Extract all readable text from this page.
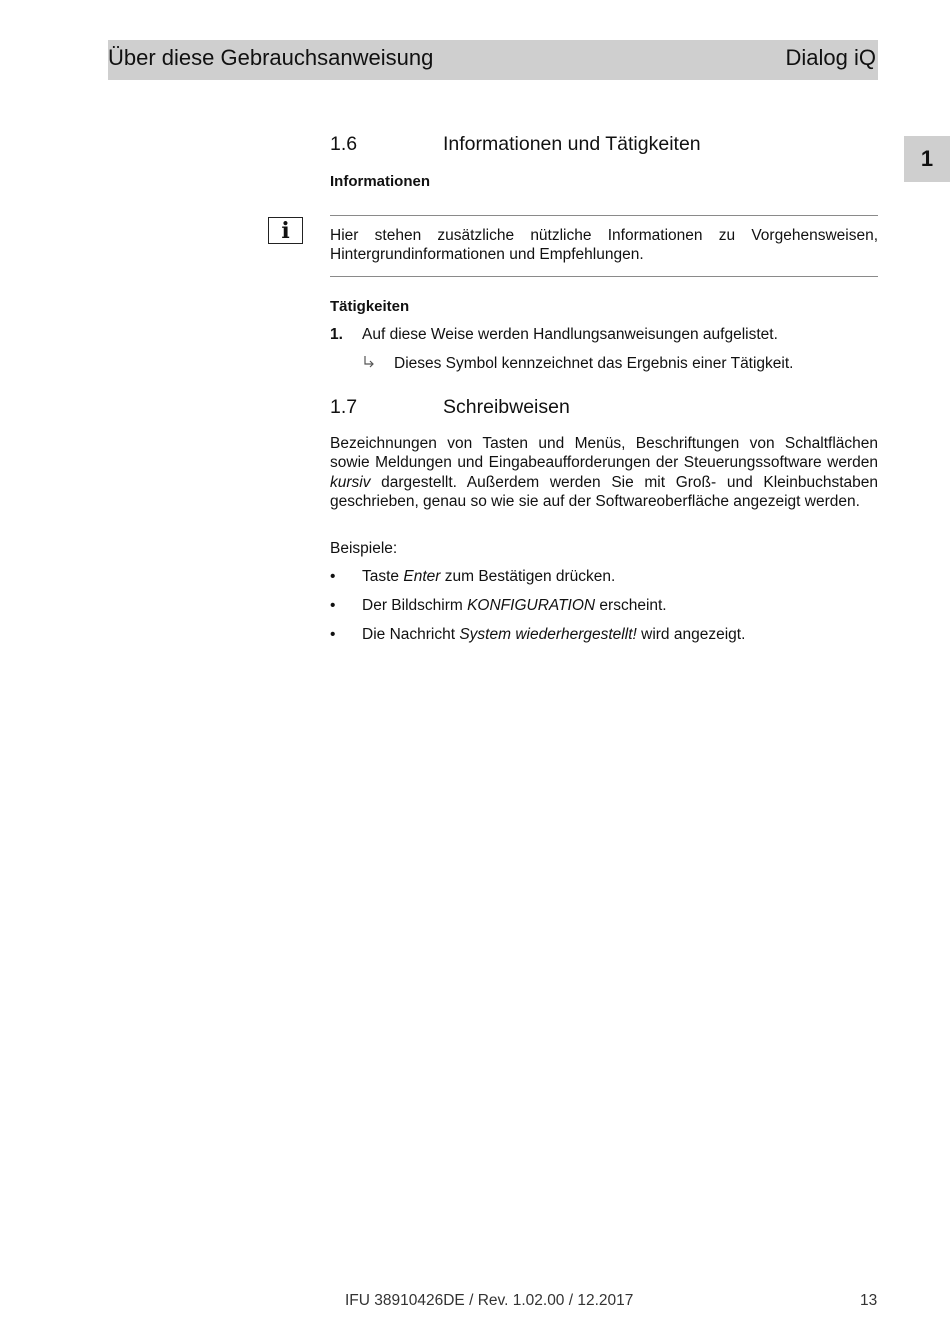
Über diese Gebrauchsanweisung	Dialog iQ
1
1.6	Informationen und Tätigkeiten
Informationen
i	Hier stehen zusätzliche nützliche Informationen zu Vorgehensweisen, Hintergrundinformationen und Empfehlungen.
Tätigkeiten
1. Auf diese Weise werden Handlungsanweisungen aufgelistet.
Dieses Symbol kennzeichnet das Ergebnis einer Tätigkeit.
1.7	Schreibweisen
Bezeichnungen von Tasten und Menüs, Beschriftungen von Schaltflächen sowie Meldungen und Eingabeaufforderungen der Steuerungssoftware werden kursiv dargestellt. Außerdem werden Sie mit Groß- und Kleinbuchstaben geschrieben, genau so wie sie auf der Softwareoberfläche angezeigt werden.
Beispiele:
• Taste Enter zum Bestätigen drücken.
• Der Bildschirm KONFIGURATION erscheint.
• Die Nachricht System wiederhergestellt! wird angezeigt.
IFU 38910426DE / Rev. 1.02.00 / 12.2017	13
